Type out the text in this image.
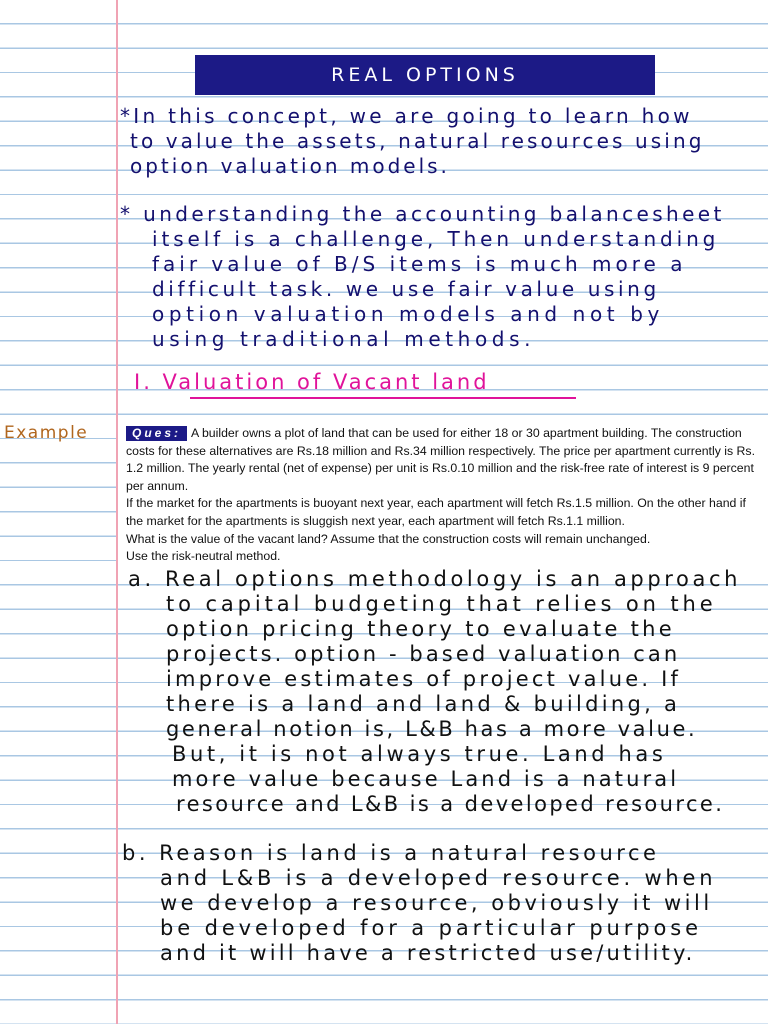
REAL OPTIONS
*In this concept, we are going to learn how
to value the assets, natural resources using
option valuation models.
* understanding the accounting balancesheet
itself is a challenge, Then understanding
fair value of B/S items is much more a
difficult task. we use fair value using
option valuation models and not by
using traditional methods.
I. Valuation of Vacant land
Example	Ques: A builder owns a plot of land that can be used for either 18 or 30 apartment building. The construction costs for these alternatives are Rs.18 million and Rs.34 million respectively. The price per apartment currently is Rs. 1.2 million. The yearly rental (net of expense) per unit is Rs.0.10 million and the risk-free rate of interest is 9 percent per annum.

If the market for the apartments is buoyant next year, each apartment will fetch Rs.1.5 million. On the other hand if the market for the apartments is sluggish next year, each apartment will fetch Rs.1.1 million.

What is the value of the vacant land? Assume that the construction costs will remain unchanged.

Use the risk-neutral method.

a. Real options methodology is an approach
to capital budgeting that relies on the
option pricing theory to evaluate the
projects. option - based valuation can
improve estimates of project value. If
there is a land and land & building, a
general notion is, L&B has a more value.
But, it is not always true. Land has
more value because Land is a natural
resource and L&B is a developed resource.
b. Reason is land is a natural resource
and L&B is a developed resource. when
we develop a resource, obviously it will
be developed for a particular purpose
and it will have a restricted use/utility.
